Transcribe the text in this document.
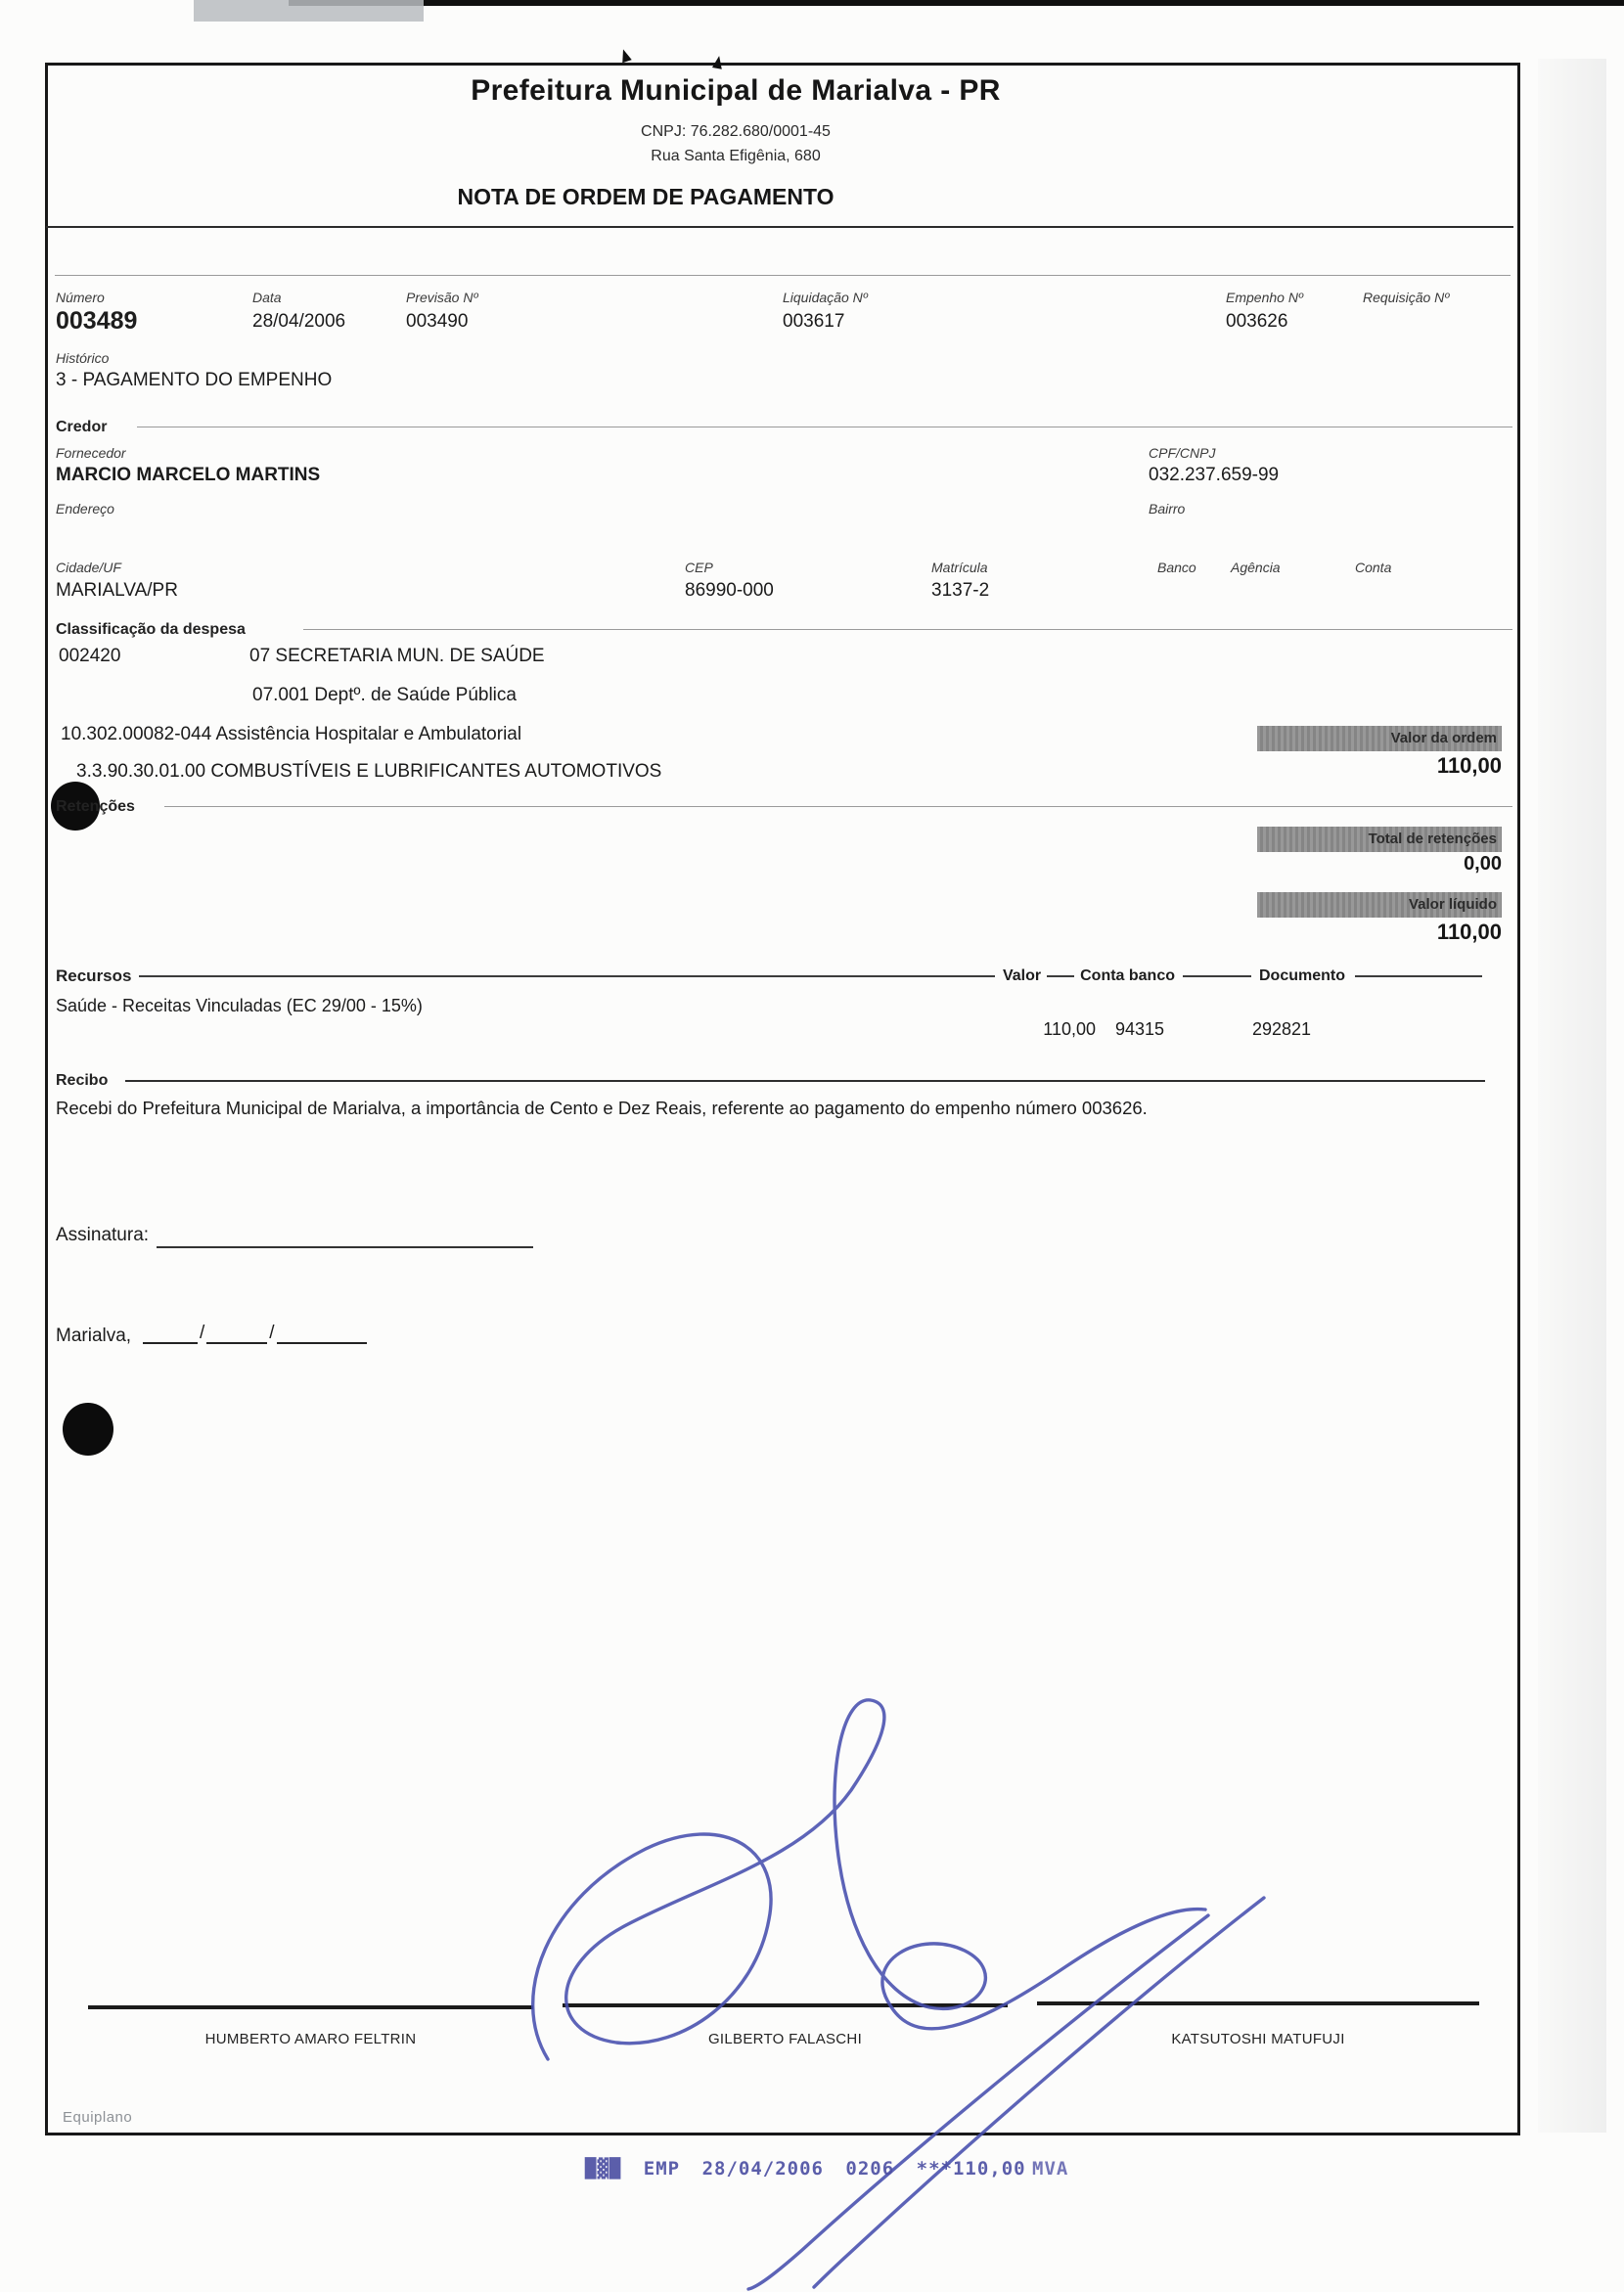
Prefeitura Municipal de Marialva - PR
CNPJ: 76.282.680/0001-45
Rua Santa Efigênia, 680
NOTA DE ORDEM DE PAGAMENTO
Número
003489
Data
28/04/2006
Previsão Nº
003490
Liquidação Nº
003617
Empenho Nº
003626
Requisição Nº
Histórico
3 - PAGAMENTO DO EMPENHO
Credor
Fornecedor
MARCIO MARCELO MARTINS
CPF/CNPJ
032.237.659-99
Endereço	Bairro
Cidade/UF
MARIALVA/PR
CEP
86990-000
Matrícula
3137-2
Banco	Agência	Conta
Classificação da despesa
002420	07 SECRETARIA MUN. DE SAÚDE
07.001 Deptº. de Saúde Pública
10.302.00082-044 Assistência Hospitalar e Ambulatorial
3.3.90.30.01.00 COMBUSTÍVEIS E LUBRIFICANTES AUTOMOTIVOS
Valor da ordem
110,00
Retenções
Total de retenções
0,00
Valor líquido
110,00
Recursos	Valor	Conta banco	Documento
Saúde - Receitas Vinculadas (EC 29/00 - 15%)
110,00 94315	292821
Recibo
Recebi do Prefeitura Municipal de Marialva, a importância de Cento e Dez Reais, referente ao pagamento do empenho número 003626.
Assinatura:
Marialva,	/	/
HUMBERTO AMARO FELTRIN	GILBERTO FALASCHI	KATSUTOSHI MATUFUJI
Equiplano
█▓█ EMP 28/04/2006 0206 ***110,00 MVA
